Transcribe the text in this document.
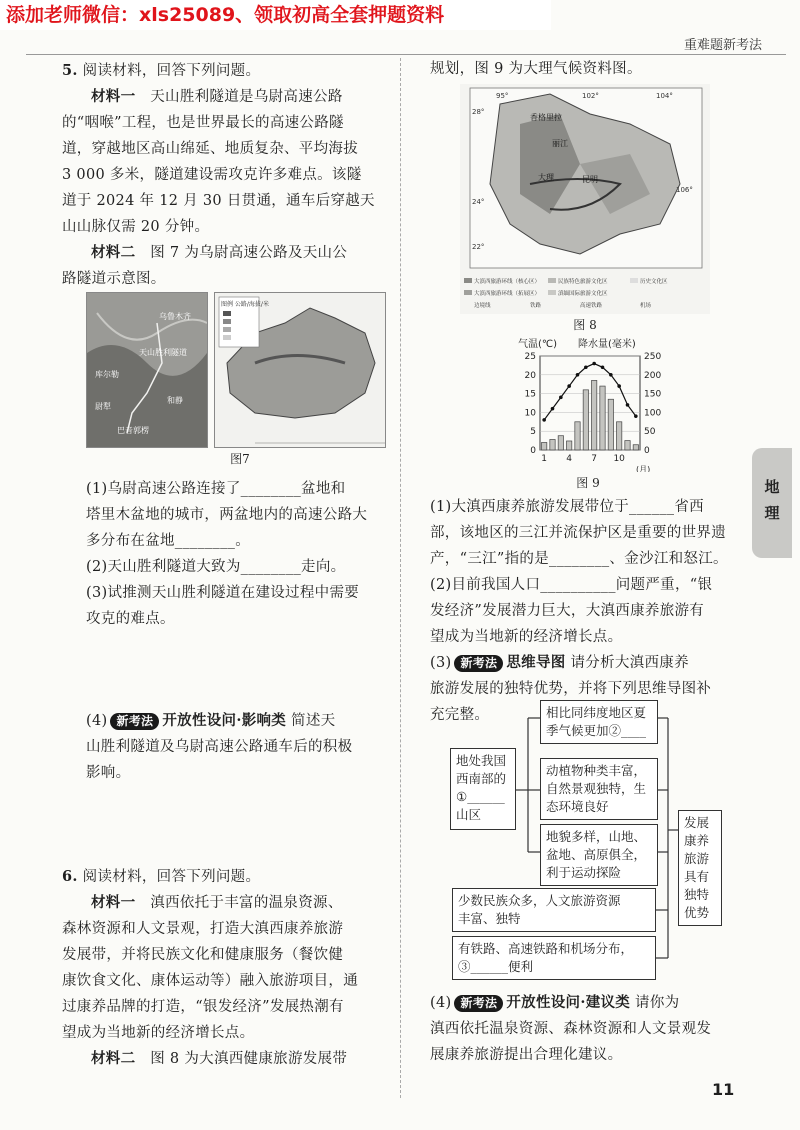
添加老师微信：xls25089、领取初高全套押题资料
重难题新考法
5. 阅读材料，回答下列问题。
材料一　 天山胜利隧道是乌尉高速公路
的“咽喉”工程，也是世界最长的高速公路隧
道，穿越地区高山绵延、地质复杂、平均海拔
3 000 多米，隧道建设需攻克许多难点。该隧
道于 2024 年 12 月 30 日贯通，通车后穿越天
山山脉仅需 20 分钟。
材料二　 图 7 为乌尉高速公路及天山公
路隧道示意图。
乌鲁木齐
天山胜利隧道
库尔勒
尉犁
巴音郭楞
和静
图例 公路/海拔/米
图7
(1)乌尉高速公路连接了________盆地和
塔里木盆地的城市，两盆地内的高速公路大
多分布在盆地________。
(2)天山胜利隧道大致为________走向。
(3)试推测天山胜利隧道在建设过程中需要
攻克的难点。
(4) 新考法 开放性设问·影响类 简述天
山胜利隧道及乌尉高速公路通车后的积极
影响。
6. 阅读材料，回答下列问题。
材料一　 滇西依托于丰富的温泉资源、
森林资源和人文景观，打造大滇西康养旅游
发展带，并将民族文化和健康服务（餐饮健
康饮食文化、康体运动等）融入旅游项目，通
过康养品牌的打造，“银发经济”发展热潮有
望成为当地新的经济增长点。
材料二　 图 8 为大滇西健康旅游发展带
规划，图 9 为大理气候资料图。
昆明
大理
丽江
香格里拉
95°	102°	104°
106°
28°
24°
22°
大滇西旅游环线（核心区）	民族特色旅游文化区	历史文化区
大滇西旅游环线（拓展区）	滇缅国际旅游文化区
边境线	铁路	高速铁路	机场
图 8
气温(℃) 降水量(毫米)
0
5
10
15
20
25
0
50
100
150
200
250
1 4 7 10
(月)
图 9
(1)大滇西康养旅游发展带位于______省西
部，该地区的三江并流保护区是重要的世界遗
产，“三江”指的是________、金沙江和怒江。
(2)目前我国人口__________问题严重，“银
发经济”发展潜力巨大，大滇西康养旅游有
望成为当地新的经济增长点。
(3) 新考法 思维导图 请分析大滇西康养
旅游发展的独特优势，并将下列思维导图补
充完整。
地处我国
西南部的
①______
山区
相比同纬度地区夏
季气候更加②____
动植物种类丰富，
自然景观独特，生
态环境良好
地貌多样，山地、
盆地、高原俱全，
利于运动探险
少数民族众多，人文旅游资源
丰富、独特
有铁路、高速铁路和机场分布，
③______便利
发展
康养
旅游
具有
独特
优势
(4) 新考法 开放性设问·建议类 请你为
滇西依托温泉资源、森林资源和人文景观发
展康养旅游提出合理化建议。
地
理
11
